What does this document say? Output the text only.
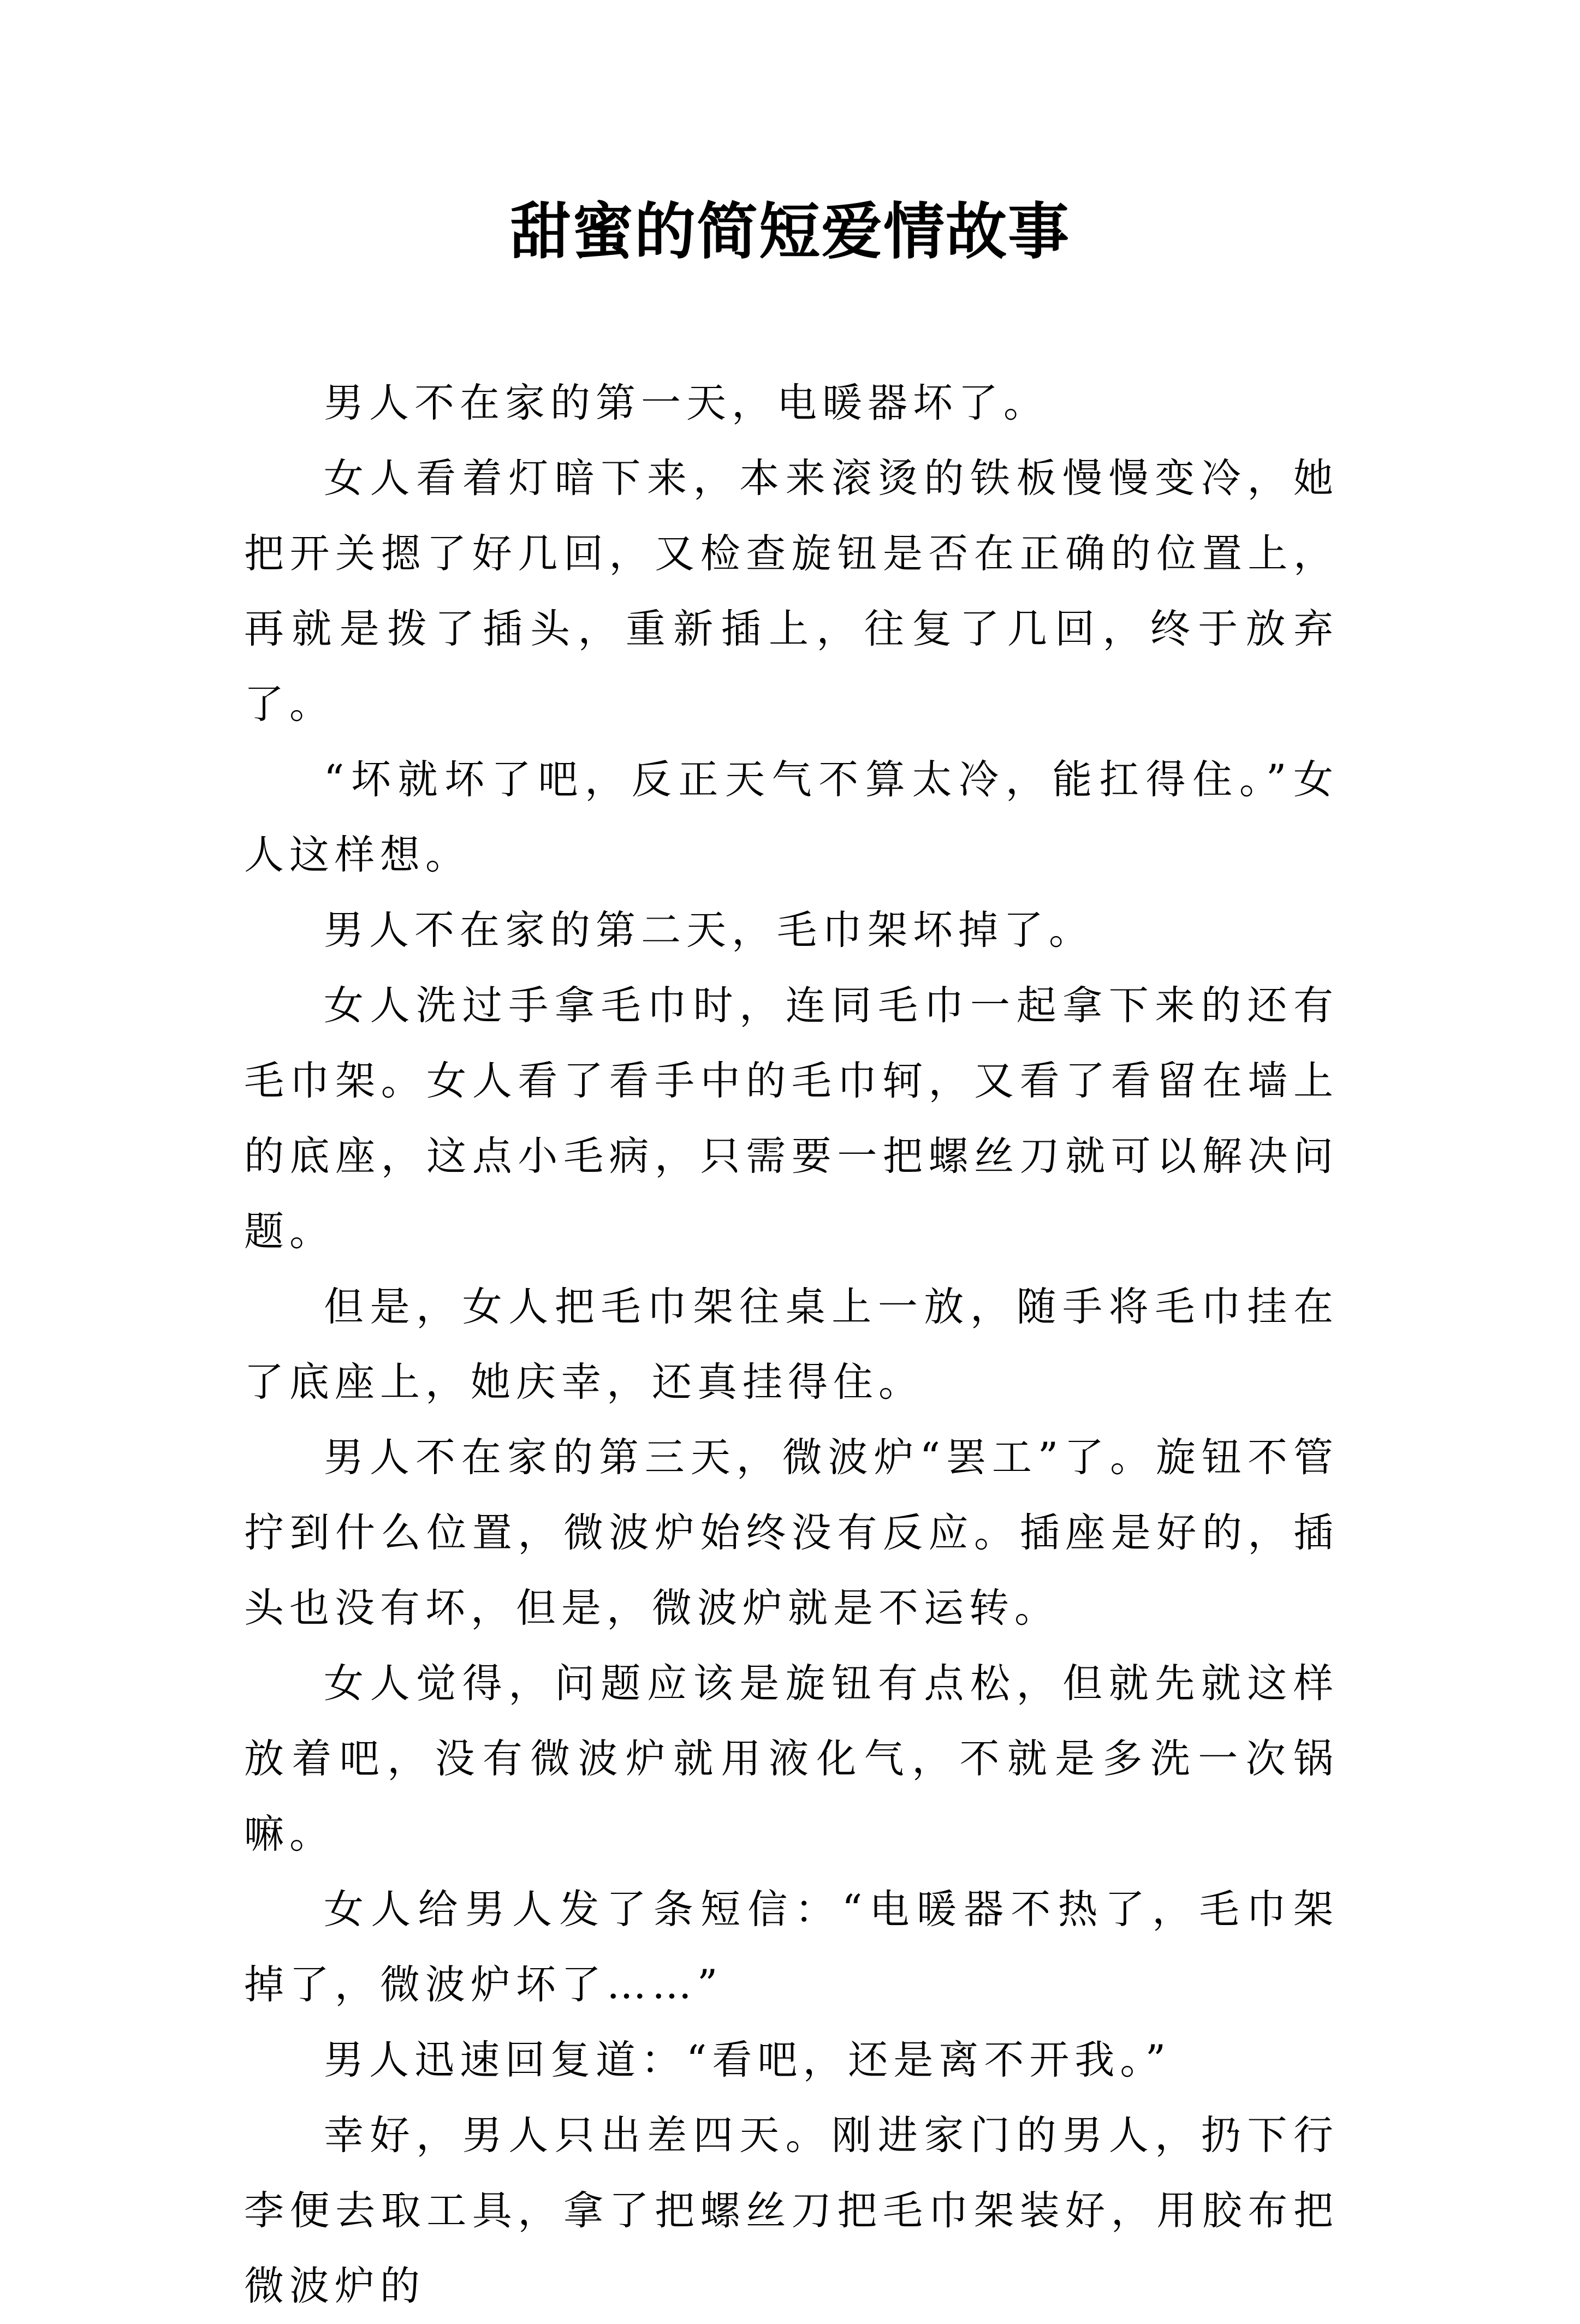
甜蜜的简短爱情故事

男人不在家的第一天，电暖器坏了。

女人看着灯暗下来，本来滚烫的铁板慢慢变冷，她把开关摁了好几回，又检查旋钮是否在正确的位置上，再就是拨了插头，重新插上，往复了几回，终于放弃了。

“坏就坏了吧，反正天气不算太冷，能扛得住。”女人这样想。

男人不在家的第二天，毛巾架坏掉了。

女人洗过手拿毛巾时，连同毛巾一起拿下来的还有毛巾架。女人看了看手中的毛巾轲，又看了看留在墙上的底座，这点小毛病，只需要一把螺丝刀就可以解决问题。

但是，女人把毛巾架往桌上一放，随手将毛巾挂在了底座上，她庆幸，还真挂得住。

男人不在家的第三天，微波炉“罢工”了。旋钮不管拧到什么位置，微波炉始终没有反应。插座是好的，插头也没有坏，但是，微波炉就是不运转。

女人觉得，问题应该是旋钮有点松，但就先就这样放着吧，没有微波炉就用液化气，不就是多洗一次锅嘛。

女人给男人发了条短信：“电暖器不热了，毛巾架掉了，微波炉坏了……”

男人迅速回复道：“看吧，还是离不开我。”

幸好，男人只出差四天。刚进家门的男人，扔下行李便去取工具，拿了把螺丝刀把毛巾架装好，用胶布把微波炉的
